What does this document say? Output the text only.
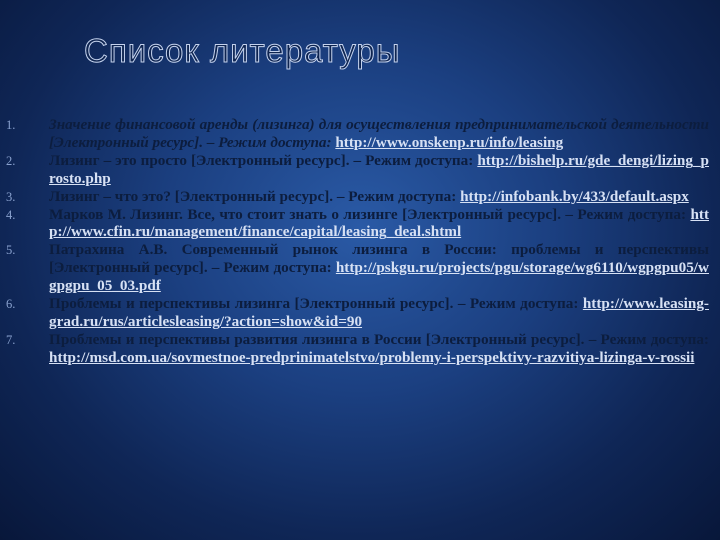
Список литературы
1. Значение финансовой аренды (лизинга) для осуществления предпринимательской деятельности [Электронный ресурс]. – Режим доступа: http://www.onskenp.ru/info/leasing
2. Лизинг – это просто [Электронный ресурс]. – Режим доступа: http://bishelp.ru/gde_dengi/lizing_prosto.php
3. Лизинг – что это? [Электронный ресурс]. – Режим доступа: http://infobank.by/433/default.aspx
4. Марков М. Лизинг. Все, что стоит знать о лизинге [Электронный ресурс]. – Режим доступа: http://www.cfin.ru/management/finance/capital/leasing_deal.shtml
5. Патрахина А.В. Современный рынок лизинга в России: проблемы и перспективы [Электронный ресурс]. – Режим доступа: http://pskgu.ru/projects/pgu/storage/wg6110/wgpgpu05/wgpgpu_05_03.pdf
6. Проблемы и перспективы лизинга [Электронный ресурс]. – Режим доступа: http://www.leasing-grad.ru/rus/articlesleasing/?action=show&id=90
7. Проблемы и перспективы развития лизинга в России [Электронный ресурс]. – Режим доступа: http://msd.com.ua/sovmestnoe-predprinimatelstvo/problemy-i-perspektivy-razvitiya-lizinga-v-rossii
